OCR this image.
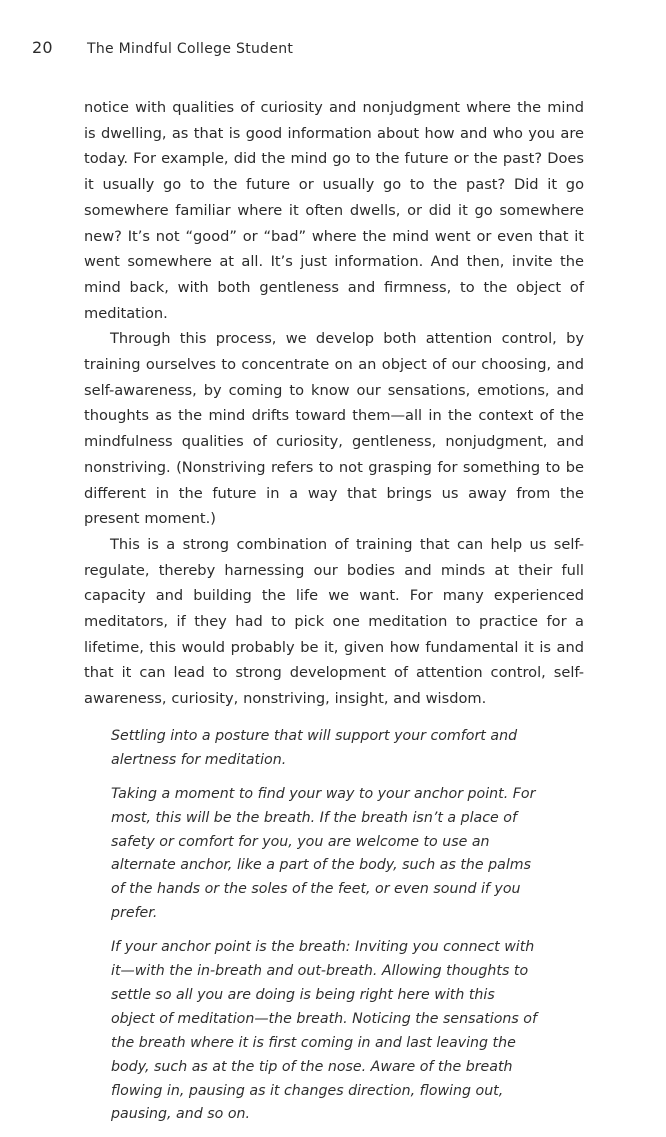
20 The Mindful College Student

notice with qualities of curiosity and nonjudgment where the mind is dwelling, as that is good information about how and who you are today. For example, did the mind go to the future or the past? Does it usually go to the future or usually go to the past? Did it go somewhere familiar where it often dwells, or did it go somewhere new? It’s not “good” or “bad” where the mind went or even that it went somewhere at all. It’s just information. And then, invite the mind back, with both gentleness and firmness, to the object of meditation.

Through this process, we develop both attention control, by training ourselves to concentrate on an object of our choosing, and self-awareness, by coming to know our sensations, emotions, and thoughts as the mind drifts toward them—all in the context of the mindfulness qualities of curiosity, gentleness, nonjudgment, and nonstriving. (Nonstriving refers to not grasping for something to be different in the future in a way that brings us away from the present moment.)

This is a strong combination of training that can help us self-regulate, thereby harnessing our bodies and minds at their full capacity and building the life we want. For many experienced meditators, if they had to pick one meditation to practice for a lifetime, this would probably be it, given how fundamental it is and that it can lead to strong development of attention control, self-awareness, curiosity, nonstriving, insight, and wisdom.

Settling into a posture that will support your comfort and alertness for meditation.

Taking a moment to find your way to your anchor point. For most, this will be the breath. If the breath isn’t a place of safety or comfort for you, you are welcome to use an alternate anchor, like a part of the body, such as the palms of the hands or the soles of the feet, or even sound if you prefer.

If your anchor point is the breath: Inviting you connect with it—with the in-breath and out-breath. Allowing thoughts to settle so all you are doing is being right here with this object of meditation—the breath. Noticing the sensations of the breath where it is first coming in and last leaving the body, such as at the tip of the nose. Aware of the breath flowing in, pausing as it changes direction, flowing out, pausing, and so on.
